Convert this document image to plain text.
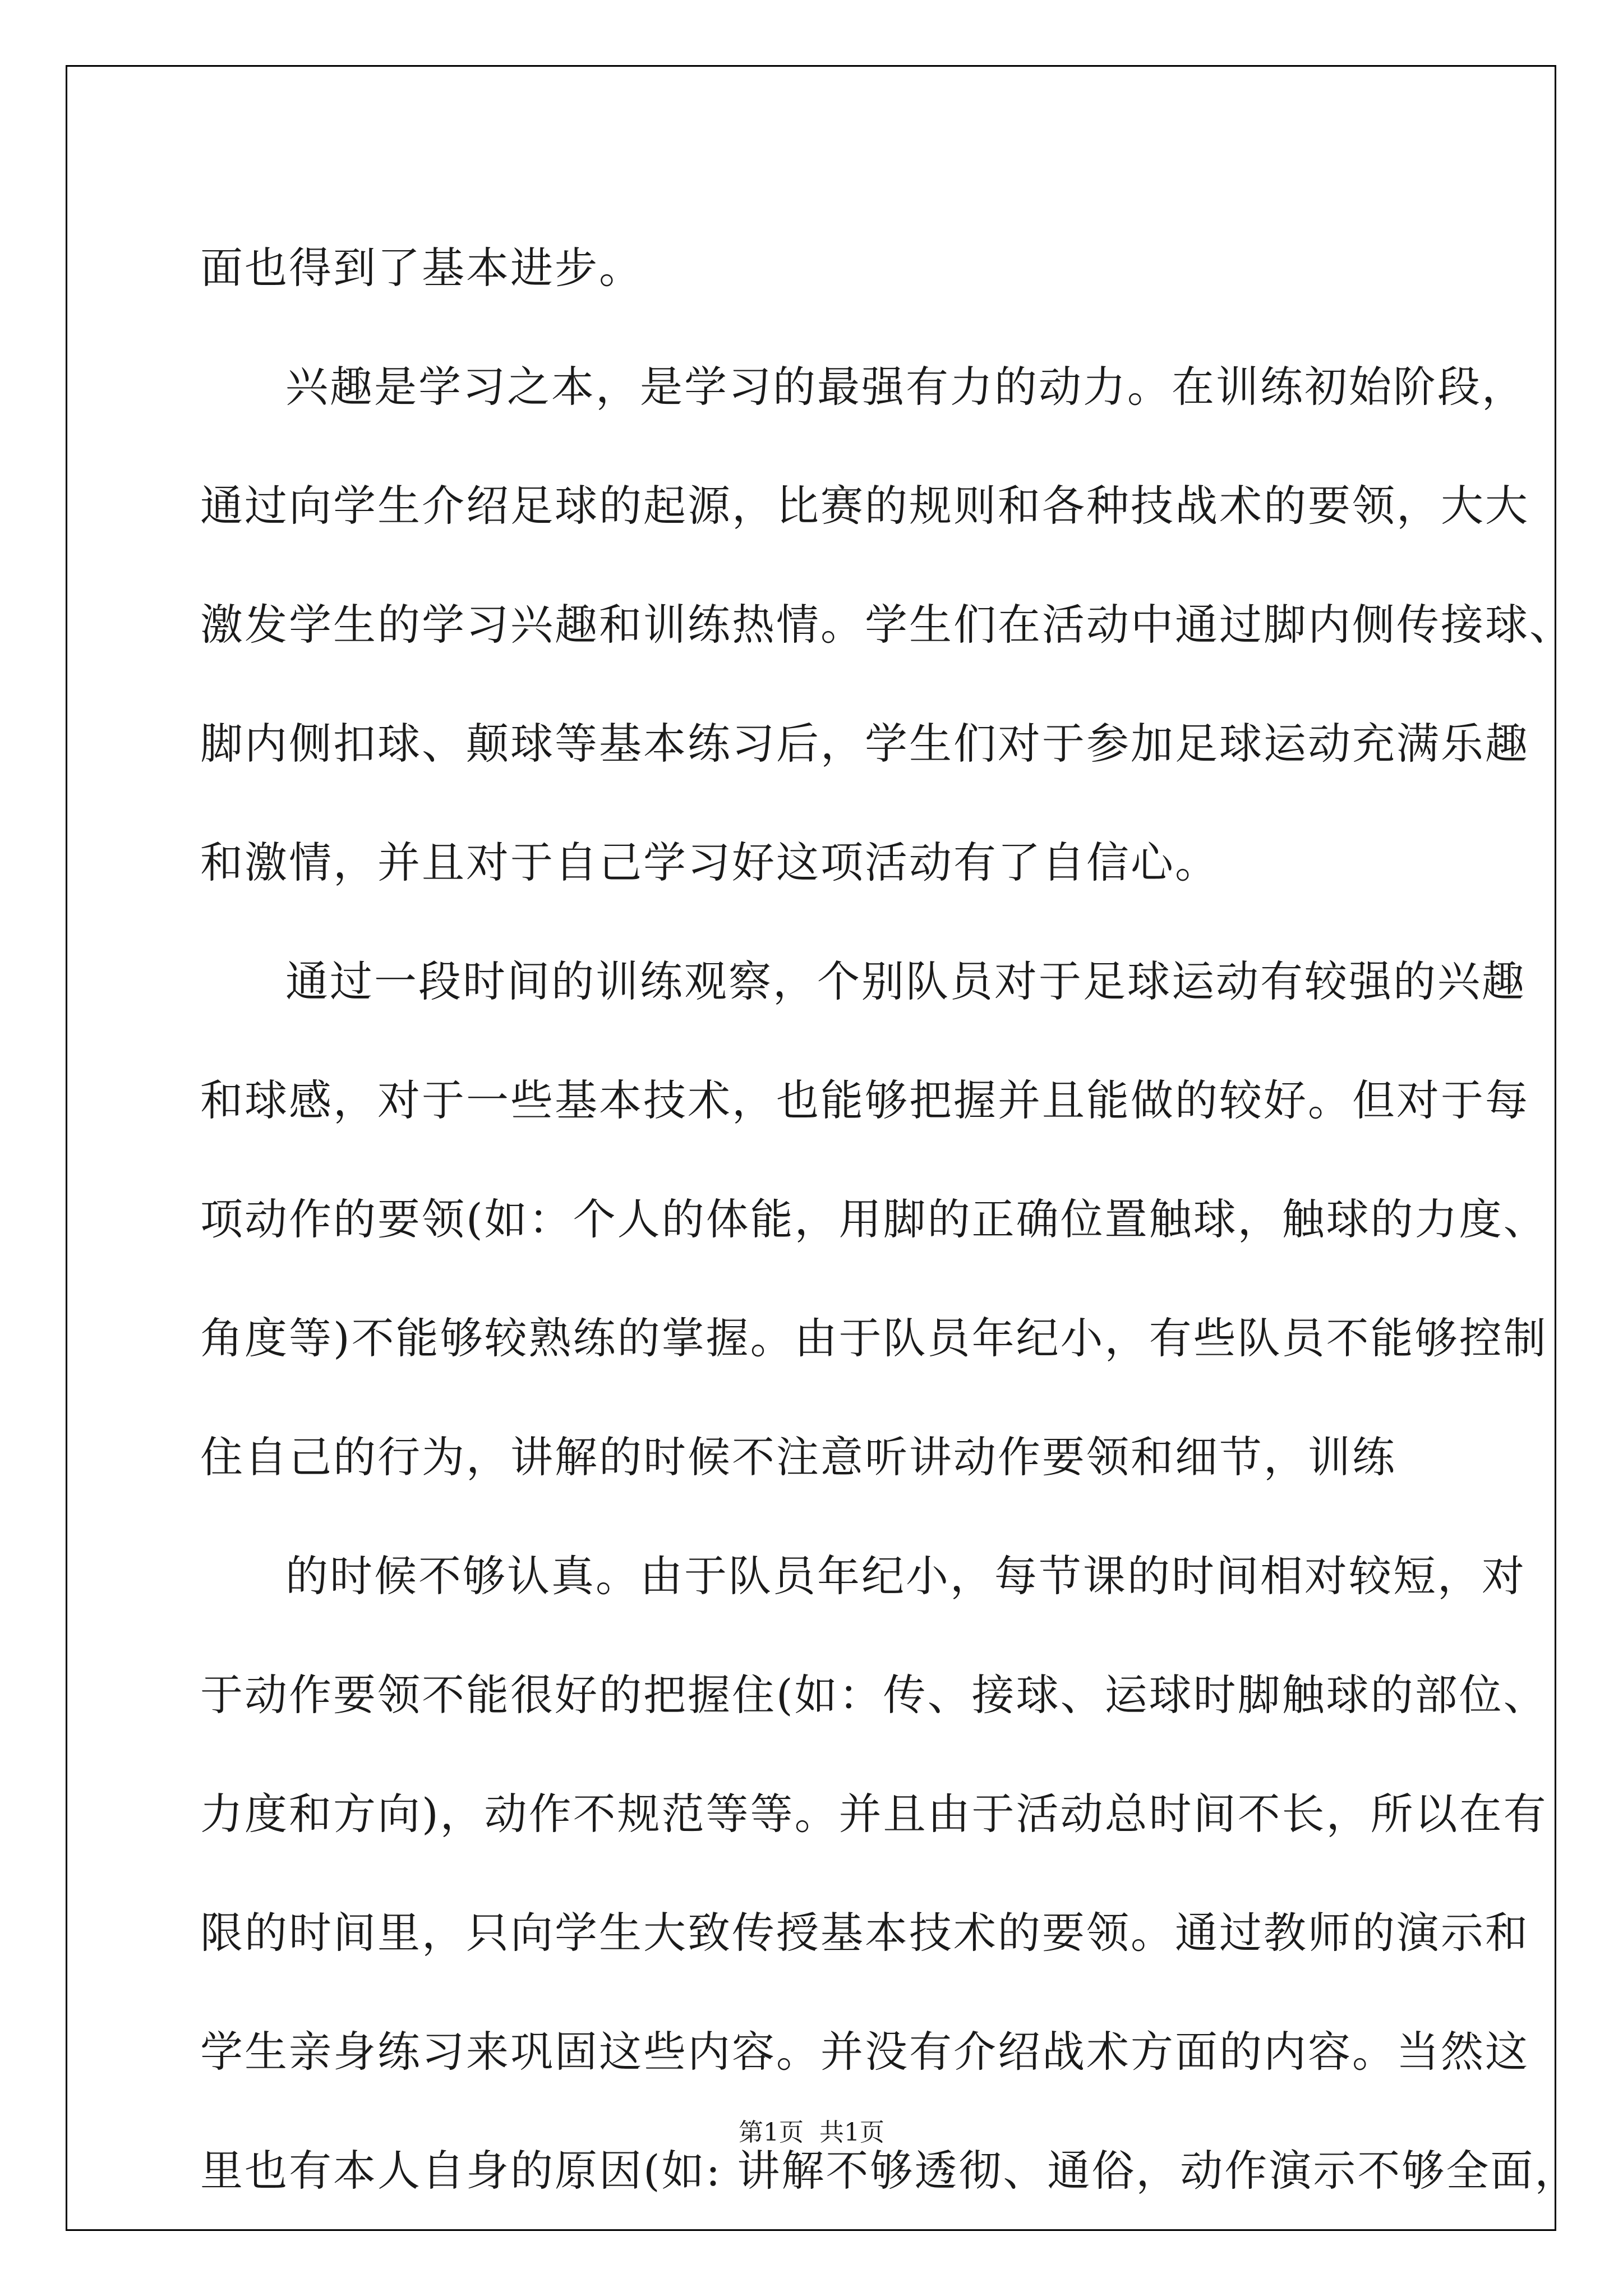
面也得到了基本进步。

兴趣是学习之本，是学习的最强有力的动力。在训练初始阶段，

通过向学生介绍足球的起源，比赛的规则和各种技战术的要领，大大

激发学生的学习兴趣和训练热情。学生们在活动中通过脚内侧传接球、

脚内侧扣球、颠球等基本练习后，学生们对于参加足球运动充满乐趣

和激情，并且对于自己学习好这项活动有了自信心。

通过一段时间的训练观察，个别队员对于足球运动有较强的兴趣

和球感，对于一些基本技术，也能够把握并且能做的较好。但对于每

项动作的要领(如：个人的体能，用脚的正确位置触球，触球的力度、

角度等)不能够较熟练的掌握。由于队员年纪小，有些队员不能够控制

住自己的行为，讲解的时候不注意听讲动作要领和细节，训练

的时候不够认真。由于队员年纪小，每节课的时间相对较短，对

于动作要领不能很好的把握住(如：传、接球、运球时脚触球的部位、

力度和方向)，动作不规范等等。并且由于活动总时间不长，所以在有

限的时间里，只向学生大致传授基本技术的要领。通过教师的演示和

学生亲身练习来巩固这些内容。并没有介绍战术方面的内容。当然这

里也有本人自身的原因(如: 讲解不够透彻、通俗，动作演示不够全面，

第1页 共1页
